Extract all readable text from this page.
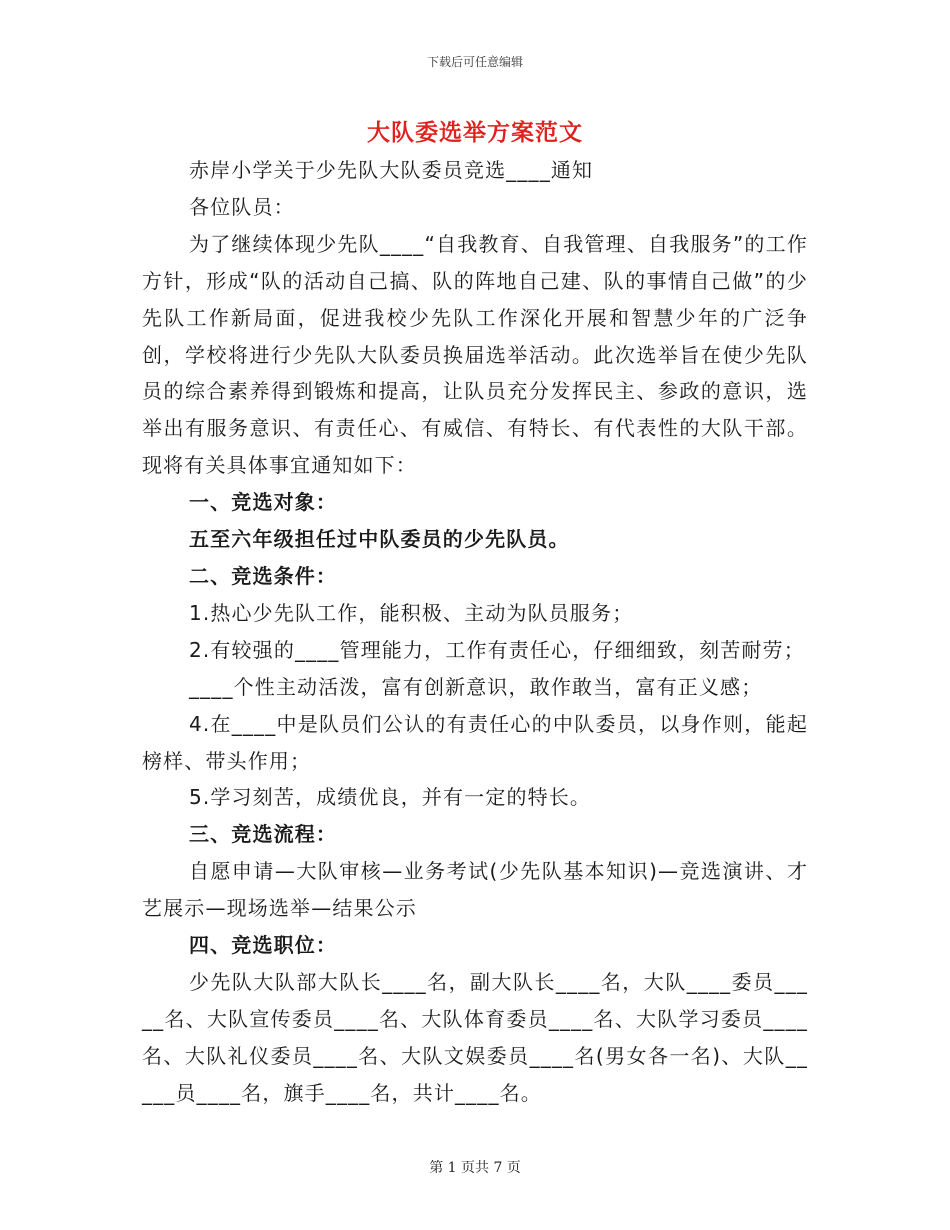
下载后可任意编辑
大队委选举方案范文

赤岸小学关于少先队大队委员竞选____通知

各位队员：

为了继续体现少先队____“自我教育、自我管理、自我服务”的工作方针，形成“队的活动自己搞、队的阵地自己建、队的事情自己做”的少先队工作新局面，促进我校少先队工作深化开展和智慧少年的广泛争创，学校将进行少先队大队委员换届选举活动。此次选举旨在使少先队员的综合素养得到锻炼和提高，让队员充分发挥民主、参政的意识，选举出有服务意识、有责任心、有威信、有特长、有代表性的大队干部。现将有关具体事宜通知如下：

一、竞选对象：

五至六年级担任过中队委员的少先队员。

二、竞选条件：

1.热心少先队工作，能积极、主动为队员服务；

2.有较强的____管理能力，工作有责任心，仔细细致，刻苦耐劳；

____个性主动活泼，富有创新意识，敢作敢当，富有正义感；

4.在____中是队员们公认的有责任心的中队委员，以身作则，能起榜样、带头作用；

5.学习刻苦，成绩优良，并有一定的特长。

三、竞选流程：

自愿申请—大队审核—业务考试(少先队基本知识)—竞选演讲、才艺展示—现场选举—结果公示

四、竞选职位：

少先队大队部大队长____名，副大队长____名，大队____委员_____名、大队宣传委员____名、大队体育委员____名、大队学习委员____名、大队礼仪委员____名、大队文娱委员____名(男女各一名)、大队_____员____名，旗手____名，共计____名。

第 1 页共 7 页
